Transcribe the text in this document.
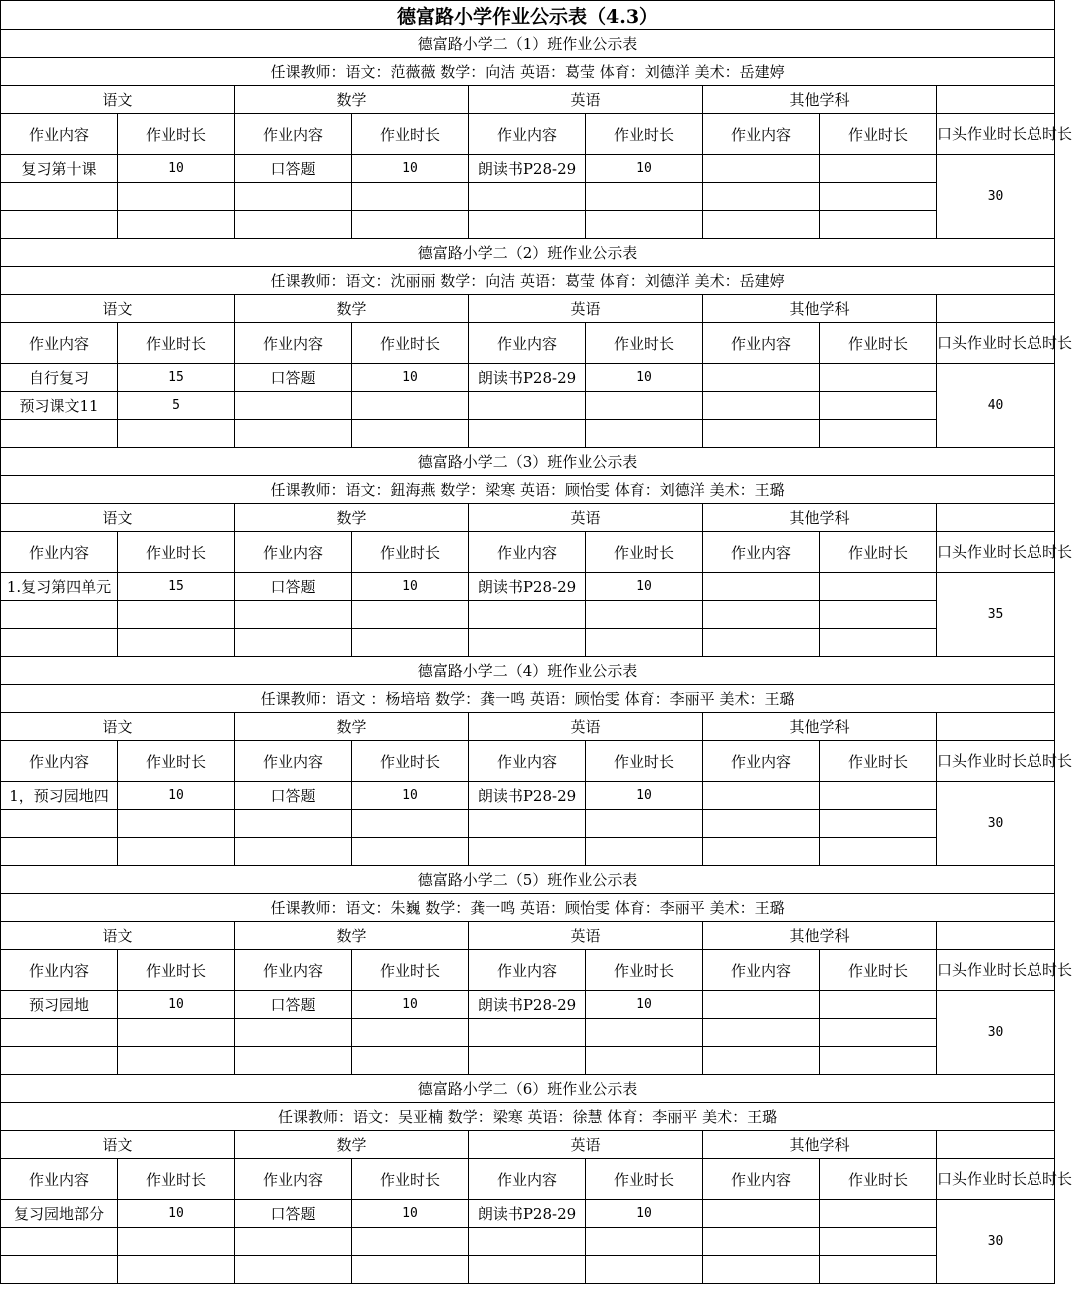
德富路小学作业公示表（4.3）								
德富路小学二（1）班作业公示表								
任课教师：语文：范薇薇 数学：向洁 英语：葛莹 体育：刘德洋 美术：岳建婷								
语文		数学		英语		其他学科		
作业内容	作业时长	作业内容	作业时长	作业内容	作业时长	作业内容	作业时长	口头作业时长总时长
复习第十课	10	口答题	10	朗读书P28-29	10			30

德富路小学二（2）班作业公示表								
任课教师：语文：沈丽丽 数学：向洁 英语：葛莹 体育：刘德洋 美术：岳建婷								
语文		数学		英语		其他学科		
作业内容	作业时长	作业内容	作业时长	作业内容	作业时长	作业内容	作业时长	口头作业时长总时长
自行复习	15	口答题	10	朗读书P28-29	10			40
预习课文11	5							

德富路小学二（3）班作业公示表								
任课教师：语文：鈕海燕 数学：梁寒 英语：顾怡雯 体育：刘德洋 美术：王璐								
语文		数学		英语		其他学科		
作业内容	作业时长	作业内容	作业时长	作业内容	作业时长	作业内容	作业时长	口头作业时长总时长
1.复习第四单元	15	口答题	10	朗读书P28-29	10			35

德富路小学二（4）班作业公示表								
任课教师：语文 ：杨培培 数学：龚一鸣 英语：顾怡雯 体育：李丽平 美术：王璐								
语文		数学		英语		其他学科		
作业内容	作业时长	作业内容	作业时长	作业内容	作业时长	作业内容	作业时长	口头作业时长总时长
1，预习园地四	10	口答题	10	朗读书P28-29	10			30

德富路小学二（5）班作业公示表								
任课教师：语文：朱巍 数学：龚一鸣 英语：顾怡雯 体育：李丽平 美术：王璐								
语文		数学		英语		其他学科		
作业内容	作业时长	作业内容	作业时长	作业内容	作业时长	作业内容	作业时长	口头作业时长总时长
预习园地	10	口答题	10	朗读书P28-29	10			30

德富路小学二（6）班作业公示表								
任课教师：语文：吴亚楠 数学：梁寒 英语：徐慧 体育：李丽平 美术：王璐								
语文		数学		英语		其他学科		
作业内容	作业时长	作业内容	作业时长	作业内容	作业时长	作业内容	作业时长	口头作业时长总时长
复习园地部分	10	口答题	10	朗读书P28-29	10			30
